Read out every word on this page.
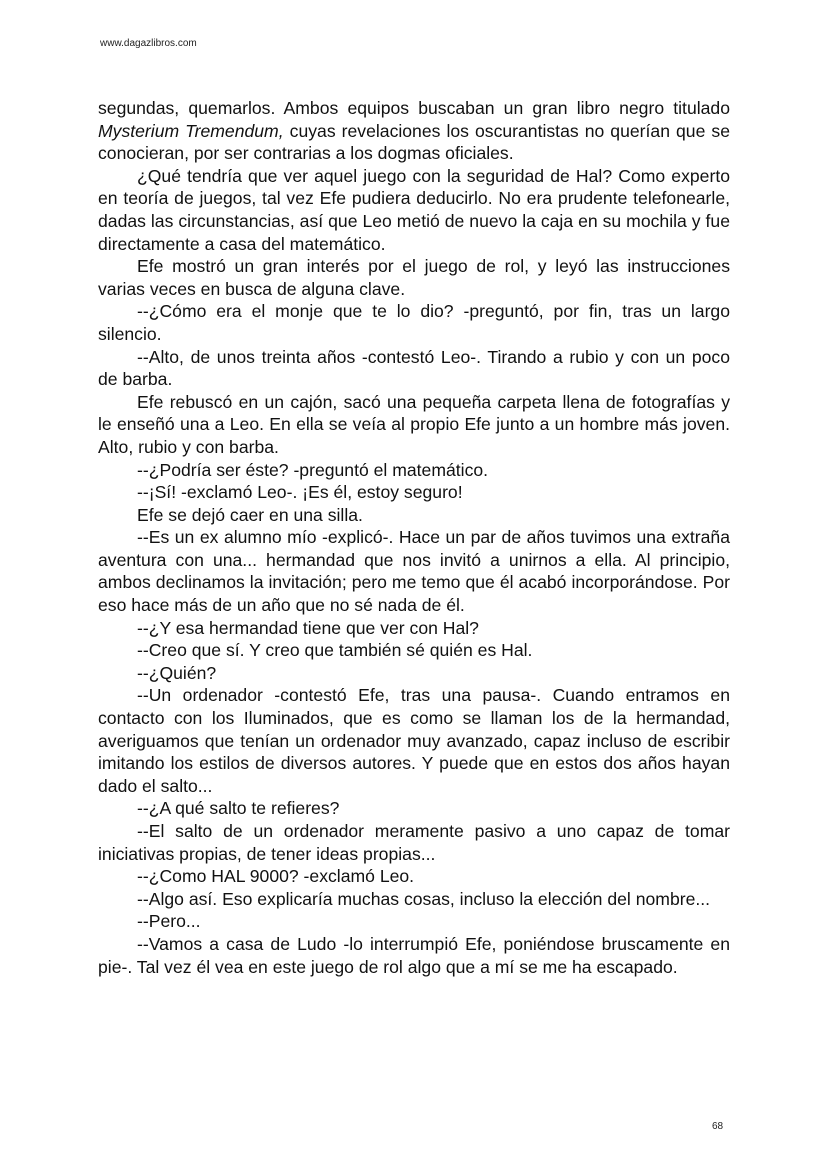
www.dagazlibros.com

segundas, quemarlos. Ambos equipos buscaban un gran libro negro titulado Mysterium Tremendum, cuyas revelaciones los oscurantistas no querían que se conocieran, por ser contrarias a los dogmas oficiales.

¿Qué tendría que ver aquel juego con la seguridad de Hal? Como experto en teoría de juegos, tal vez Efe pudiera deducirlo. No era prudente telefonearle, dadas las circunstancias, así que Leo metió de nuevo la caja en su mochila y fue directamente a casa del matemático.

Efe mostró un gran interés por el juego de rol, y leyó las instrucciones varias veces en busca de alguna clave.

--¿Cómo era el monje que te lo dio? -preguntó, por fin, tras un largo silencio.

--Alto, de unos treinta años -contestó Leo-. Tirando a rubio y con un poco de barba.

Efe rebuscó en un cajón, sacó una pequeña carpeta llena de fotografías y le enseñó una a Leo. En ella se veía al propio Efe junto a un hombre más joven. Alto, rubio y con barba.

--¿Podría ser éste? -preguntó el matemático.

--¡Sí! -exclamó Leo-. ¡Es él, estoy seguro!

Efe se dejó caer en una silla.

--Es un ex alumno mío -explicó-. Hace un par de años tuvimos una extraña aventura con una... hermandad que nos invitó a unirnos a ella. Al principio, ambos declinamos la invitación; pero me temo que él acabó incorporándose. Por eso hace más de un año que no sé nada de él.

--¿Y esa hermandad tiene que ver con Hal?

--Creo que sí. Y creo que también sé quién es Hal.

--¿Quién?

--Un ordenador -contestó Efe, tras una pausa-. Cuando entramos en contacto con los Iluminados, que es como se llaman los de la hermandad, averiguamos que tenían un ordenador muy avanzado, capaz incluso de escribir imitando los estilos de diversos autores. Y puede que en estos dos años hayan dado el salto...

--¿A qué salto te refieres?

--El salto de un ordenador meramente pasivo a uno capaz de tomar iniciativas propias, de tener ideas propias...

--¿Como HAL 9000? -exclamó Leo.

--Algo así. Eso explicaría muchas cosas, incluso la elección del nombre...

--Pero...

--Vamos a casa de Ludo -lo interrumpió Efe, poniéndose bruscamente en pie-. Tal vez él vea en este juego de rol algo que a mí se me ha escapado.

68
